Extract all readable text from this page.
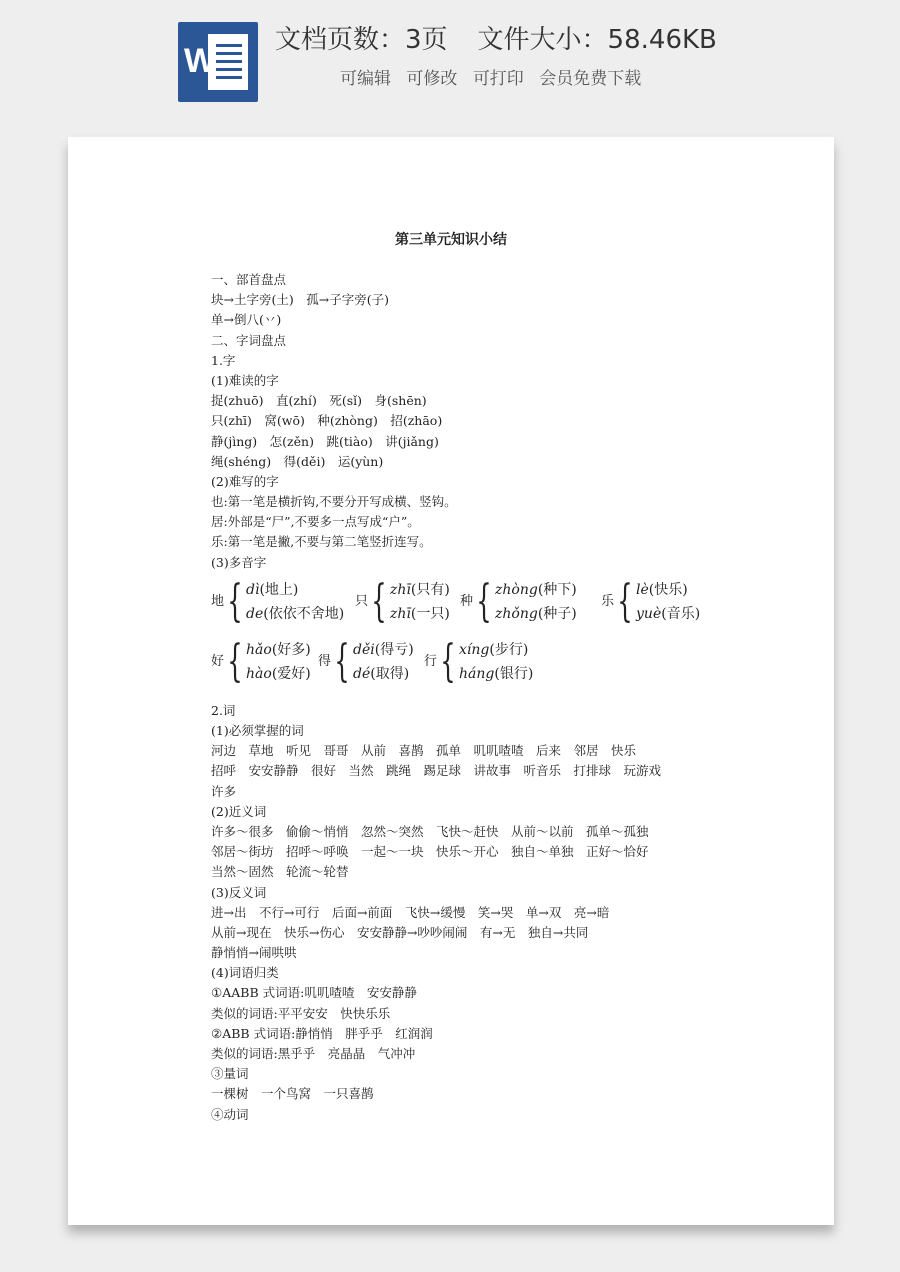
W
文档页数：3页 文件大小：58.46KB
可编辑 可修改 可打印 会员免费下载
第三单元知识小结
一、部首盘点
块→土字旁(土)　孤→子字旁(子)
单→倒八(丷)
二、字词盘点
1.字
(1)难读的字
捉(zhuō)　直(zhí)　死(sǐ)　身(shēn)
只(zhī)　窝(wō)　种(zhòng)　招(zhāo)
静(jìng)　怎(zěn)　跳(tiào)　讲(jiǎng)
绳(shéng)　得(děi)　运(yùn)
(2)难写的字
也:第一笔是横折钩,不要分开写成横、竖钩。
居:外部是“尸”,不要多一点写成“户”。
乐:第一笔是撇,不要与第二笔竖折连写。
(3)多音字
地 { dì(地上)
de(依依不舍地)
只 { zhī(只有)
zhī(一只)
种 { zhòng(种下)
zhǒng(种子)
乐 { lè(快乐)
yuè(音乐)
好 { hǎo(好多)
hào(爱好)
得 { děi(得亏)
dé(取得)
行 { xíng(步行)
háng(银行)
2.词
(1)必须掌握的词
河边　草地　听见　哥哥　从前　喜鹊　孤单　叽叽喳喳　后来　邻居　快乐
招呼　安安静静　很好　当然　跳绳　踢足球　讲故事　听音乐　打排球　玩游戏
许多
(2)近义词
许多～很多　偷偷～悄悄　忽然～突然　飞快～赶快　从前～以前　孤单～孤独
邻居～街坊　招呼～呼唤　一起～一块　快乐～开心　独自～单独　正好～恰好
当然～固然　轮流～轮替
(3)反义词
进→出　不行→可行　后面→前面　飞快→缓慢　笑→哭　单→双　亮→暗
从前→现在　快乐→伤心　安安静静→吵吵闹闹　有→无　独自→共同
静悄悄→闹哄哄
(4)词语归类
①AABB 式词语:叽叽喳喳　安安静静
类似的词语:平平安安　快快乐乐
②ABB 式词语:静悄悄　胖乎乎　红润润
类似的词语:黑乎乎　亮晶晶　气冲冲
③量词
一棵树　一个鸟窝　一只喜鹊
④动词
